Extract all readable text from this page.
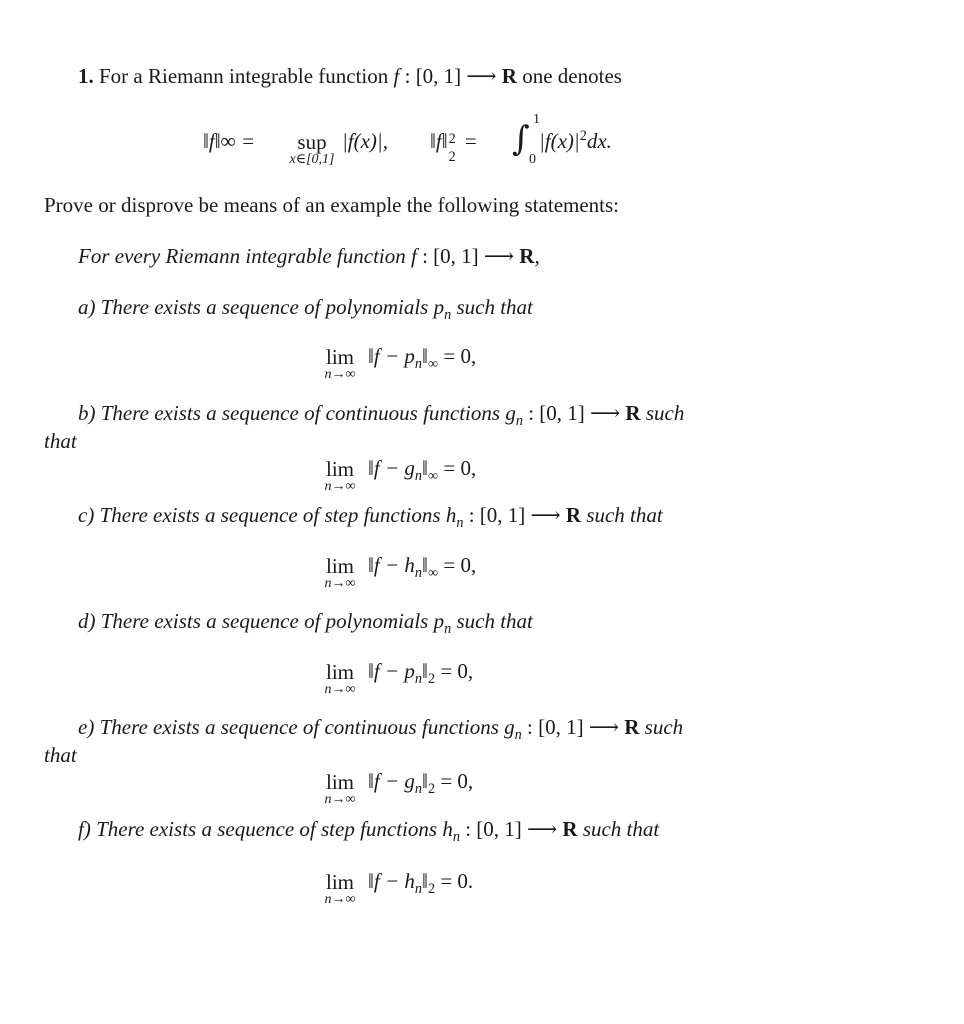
1. For a Riemann integrable function f : [0, 1] ⟶ R one denotes
‖f‖∞ =	sup
x∈[0,1]
|f(x)|, ‖f‖ 2
2
= ∫ 1
0
$|f(x)|^2dx$.
Prove or disprove be means of an example the following statements:
For every Riemann integrable function f : [0, 1] ⟶ R,
a) There exists a sequence of polynomials $p_n$ such that
lim
n→∞
‖f − $p_n‖_\infty = 0$,
b) There exists a sequence of continuous functions $g_n$ : [0, 1] ⟶ R such
that
lim
n→∞
‖f − $g_n‖_\infty = 0$,
c) There exists a sequence of step functions $h_n$ : [0, 1] ⟶ R such that
lim
n→∞
‖f − $h_n‖_\infty = 0$,
d) There exists a sequence of polynomials $p_n$ such that
lim
n→∞
‖f − $p_n‖_2 = 0$,
e) There exists a sequence of continuous functions $g_n$ : [0, 1] ⟶ R such
that
lim
n→∞
‖f − $g_n‖_2 = 0$,
f) There exists a sequence of step functions $h_n$ : [0, 1] ⟶ R such that
lim
n→∞
‖f − $h_n‖_2 = 0$.
